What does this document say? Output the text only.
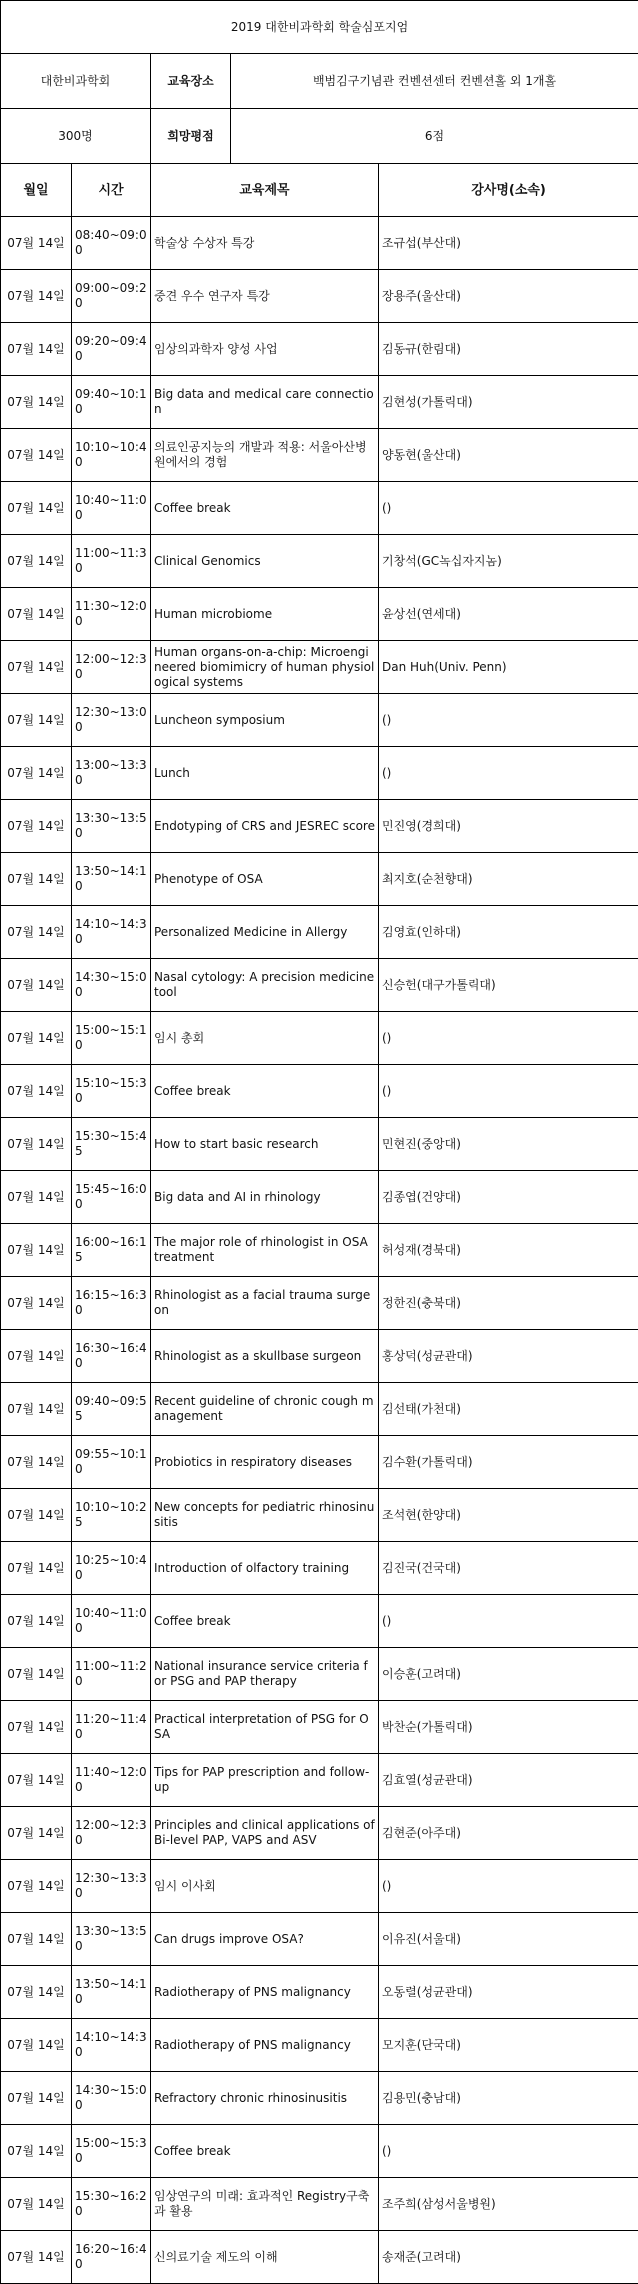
2019 대한비과학회 학술심포지엄				
대한비과학회		교육장소	백범김구기념관 컨벤션센터 컨벤션홀 외 1개홀	
300명		희망평점	6점	
월일	시간	교육제목		강사명(소속)
07월 14일	08:40~09:00	학술상 수상자 특강		조규섭(부산대)
07월 14일	09:00~09:20	중견 우수 연구자 특강		장용주(울산대)
07월 14일	09:20~09:40	임상의과학자 양성 사업		김동규(한림대)
07월 14일	09:40~10:10	Big data and medical care connection		김현성(가톨릭대)
07월 14일	10:10~10:40	의료인공지능의 개발과 적용: 서울아산병원에서의 경험		양동현(울산대)
07월 14일	10:40~11:00	Coffee break		()
07월 14일	11:00~11:30	Clinical Genomics		기창석(GC녹십자지놈)
07월 14일	11:30~12:00	Human microbiome		윤상선(연세대)
07월 14일	12:00~12:30	Human organs-on-a-chip: Microengineered biomimicry of human physiological systems		Dan Huh(Univ. Penn)
07월 14일	12:30~13:00	Luncheon symposium		()
07월 14일	13:00~13:30	Lunch		()
07월 14일	13:30~13:50	Endotyping of CRS and JESREC score		민진영(경희대)
07월 14일	13:50~14:10	Phenotype of OSA		최지호(순천향대)
07월 14일	14:10~14:30	Personalized Medicine in Allergy		김영효(인하대)
07월 14일	14:30~15:00	Nasal cytology: A precision medicine tool		신승헌(대구가톨릭대)
07월 14일	15:00~15:10	임시 총회		()
07월 14일	15:10~15:30	Coffee break		()
07월 14일	15:30~15:45	How to start basic research		민현진(중앙대)
07월 14일	15:45~16:00	Big data and AI in rhinology		김종엽(건양대)
07월 14일	16:00~16:15	The major role of rhinologist in OSA treatment		허성재(경북대)
07월 14일	16:15~16:30	Rhinologist as a facial trauma surgeon		정한진(충북대)
07월 14일	16:30~16:40	Rhinologist as a skullbase surgeon		홍상덕(성균관대)
07월 14일	09:40~09:55	Recent guideline of chronic cough management		김선태(가천대)
07월 14일	09:55~10:10	Probiotics in respiratory diseases		김수환(가톨릭대)
07월 14일	10:10~10:25	New concepts for pediatric rhinosinusitis		조석현(한양대)
07월 14일	10:25~10:40	Introduction of olfactory training		김진국(건국대)
07월 14일	10:40~11:00	Coffee break		()
07월 14일	11:00~11:20	National insurance service criteria for PSG and PAP therapy		이승훈(고려대)
07월 14일	11:20~11:40	Practical interpretation of PSG for OSA		박찬순(가톨릭대)
07월 14일	11:40~12:00	Tips for PAP prescription and follow-up		김효열(성균관대)
07월 14일	12:00~12:30	Principles and clinical applications of Bi-level PAP, VAPS and ASV		김현준(아주대)
07월 14일	12:30~13:30	임시 이사회		()
07월 14일	13:30~13:50	Can drugs improve OSA?		이유진(서울대)
07월 14일	13:50~14:10	Radiotherapy of PNS malignancy		오동렬(성균관대)
07월 14일	14:10~14:30	Radiotherapy of PNS malignancy		모지훈(단국대)
07월 14일	14:30~15:00	Refractory chronic rhinosinusitis		김용민(충남대)
07월 14일	15:00~15:30	Coffee break		()
07월 14일	15:30~16:20	임상연구의 미래: 효과적인 Registry구축과 활용		조주희(삼성서울병원)
07월 14일	16:20~16:40	신의료기술 제도의 이해		송재준(고려대)
